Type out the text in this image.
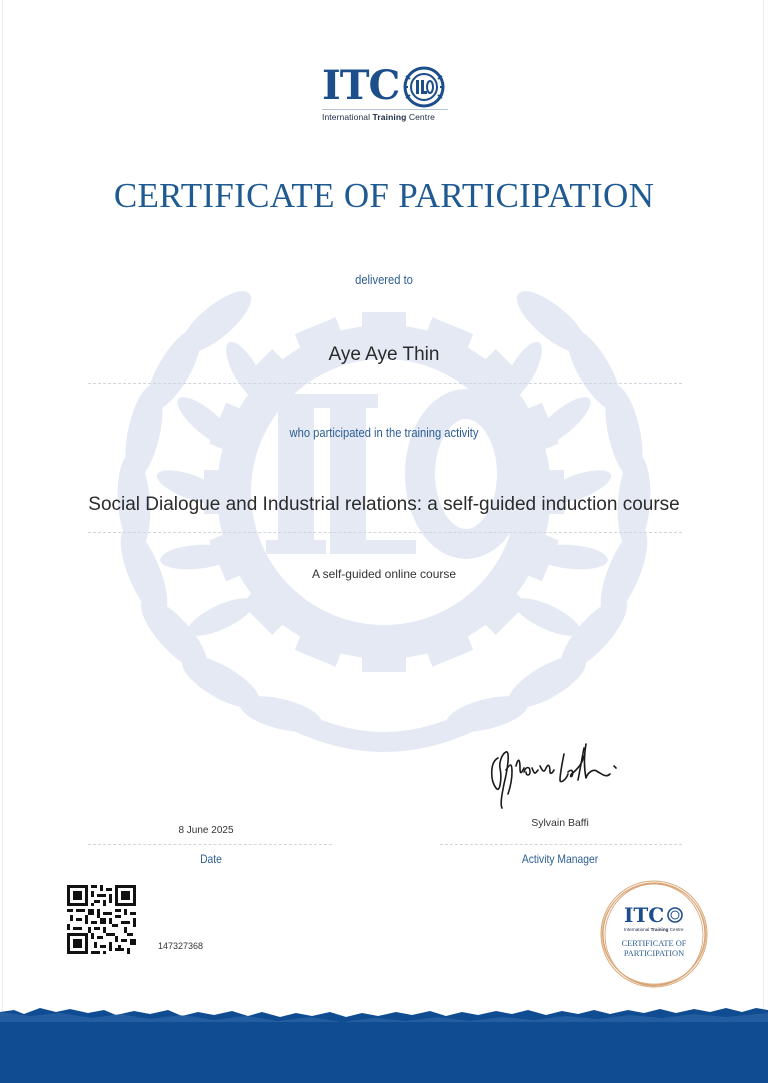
ITC
International Training Centre
CERTIFICATE OF PARTICIPATION
delivered to
Aye Aye Thin
who participated in the training activity
Social Dialogue and Industrial relations: a self-guided induction course
A self-guided online course
8 June 2025
Sylvain Baffi
Date	Activity Manager
147327368
ITC
International Training Centre
CERTIFICATE OF
PARTICIPATION
